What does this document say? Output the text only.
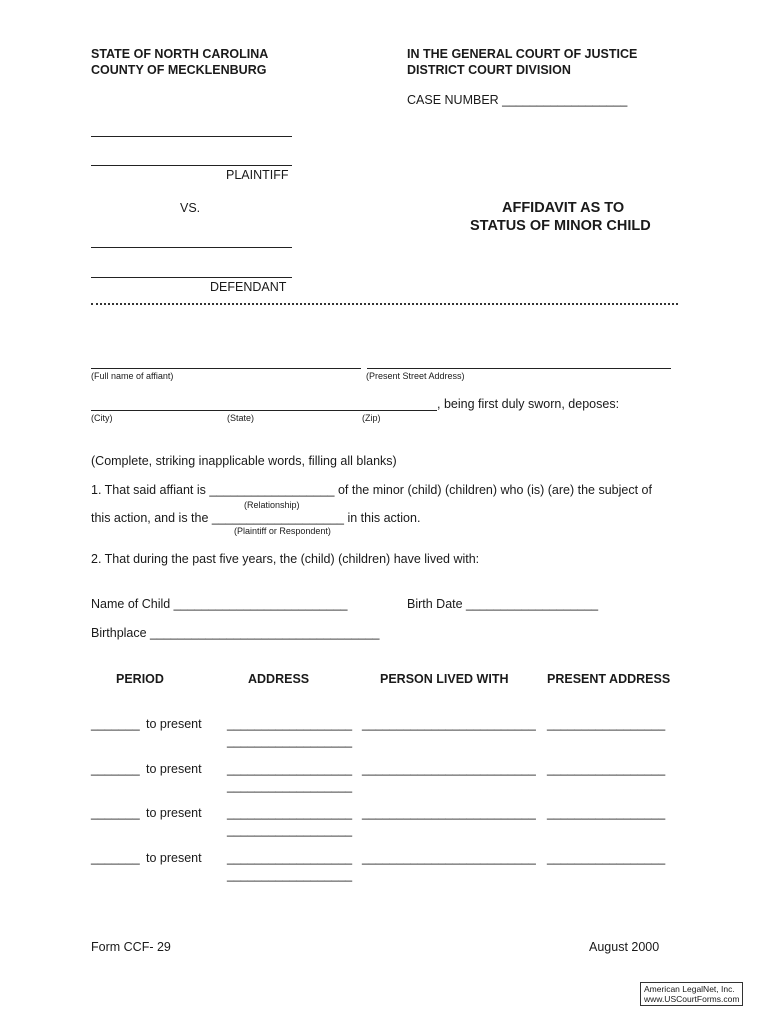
STATE OF NORTH CAROLINA
COUNTY OF MECKLENBURG
IN THE GENERAL COURT OF JUSTICE
DISTRICT COURT DIVISION
CASE NUMBER __________________
PLAINTIFF
VS.
DEFENDANT
AFFIDAVIT AS TO
STATUS OF MINOR CHILD
(Full name of affiant)	(Present Street Address)
, being first duly sworn, deposes:
(City)	(State)	(Zip)
(Complete, striking inapplicable words, filling all blanks)
1. That said affiant is __________________ of the minor (child) (children) who (is) (are) the subject of
(Relationship)
this action, and is the ___________________ in this action.
(Plaintiff or Respondent)
2. That during the past five years, the (child) (children) have lived with:
Name of Child _________________________	Birth Date ___________________
Birthplace _________________________________
PERIOD	ADDRESS	PERSON LIVED WITH	PRESENT ADDRESS
_______ to present __________________ _________________________ _________________
__________________
_______ to present __________________ _________________________ _________________
__________________
_______ to present __________________ _________________________ _________________
__________________
_______ to present __________________ _________________________ _________________
__________________
Form CCF- 29	August 2000
American LegalNet, Inc.
www.USCourtForms.com
